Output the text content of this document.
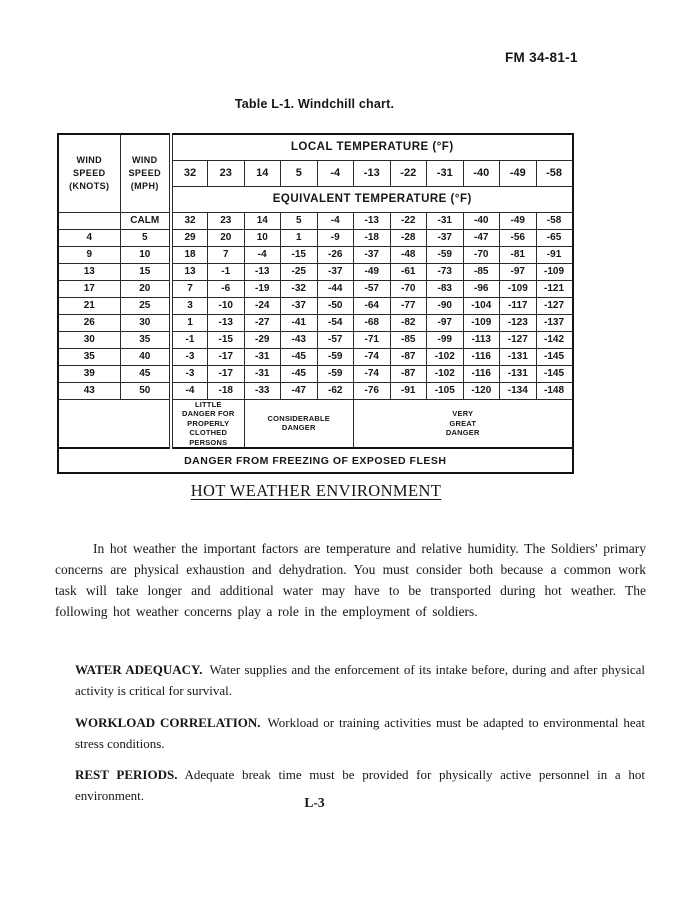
FM 34-81-1
Table L-1. Windchill chart.
WIND
SPEED
(KNOTS)

WIND
SPEED
(MPH)
	LOCAL TEMPERATURE (°F)
		32	23	14	5	-4	-13	-22	-31	-40	-49	-58
		EQUIVALENT TEMPERATURE (°F)										
	CALM	32	23	14	5	-4	-13	-22	-31	-40	-49	-58
4	5	29	20	10	1	-9	-18	-28	-37	-47	-56	-65
9	10	18	7	-4	-15	-26	-37	-48	-59	-70	-81	-91
13	15	13	-1	-13	-25	-37	-49	-61	-73	-85	-97	-109
17	20	7	-6	-19	-32	-44	-57	-70	-83	-96	-109	-121
21	25	3	-10	-24	-37	-50	-64	-77	-90	-104	-117	-127
26	30	1	-13	-27	-41	-54	-68	-82	-97	-109	-123	-137
30	35	-1	-15	-29	-43	-57	-71	-85	-99	-113	-127	-142
35	40	-3	-17	-31	-45	-59	-74	-87	-102	-116	-131	-145
39	45	-3	-17	-31	-45	-59	-74	-87	-102	-116	-131	-145
43	50	-4	-18	-33	-47	-62	-76	-91	-105	-120	-134	-148

LITTLE
DANGER FOR
PROPERLY
CLOTHED
PERSONS

CONSIDERABLE
DANGER

VERY
GREAT
DANGER

DANGER FROM FREEZING OF EXPOSED FLESH												
HOT WEATHER ENVIRONMENT

In hot weather the important factors are temperature and relative humidity. The Soldiers' primary concerns are physical exhaustion and dehydration. You must consider both because a common work task will take longer and additional water may have to be transported during hot weather. The following hot weather concerns play a role in the employment of soldiers.

WATER ADEQUACY. Water supplies and the enforcement of its intake before, during and after physical activity is critical for survival.

WORKLOAD CORRELATION. Workload or training activities must be adapted to environmental heat stress conditions.

REST PERIODS. Adequate break time must be provided for physically active personnel in a hot environment.	L-3
